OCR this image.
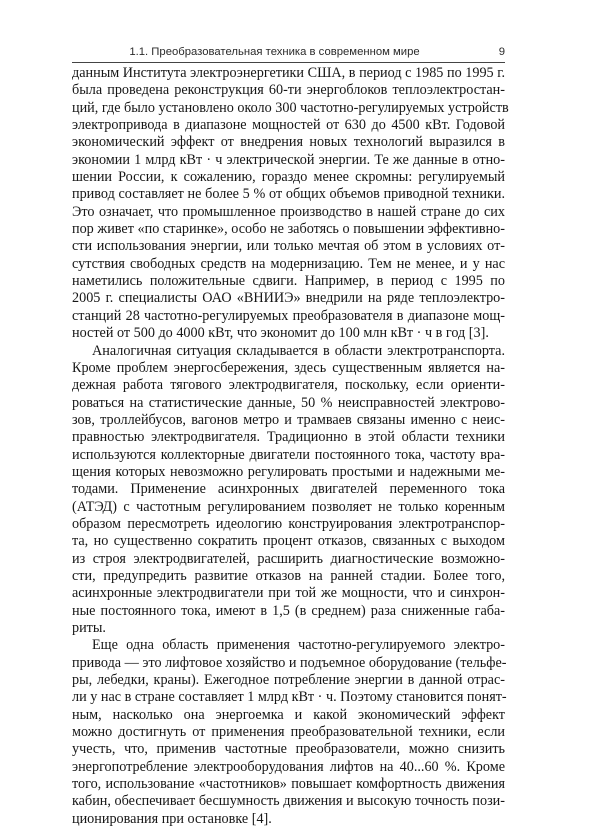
1.1. Преобразовательная техника в современном мире	9
данным Института электроэнергетики США, в период с 1985 по 1995 г.
была проведена реконструкция 60-ти энергоблоков теплоэлектростан-
ций, где было установлено около 300 частотно-регулируемых устройств
электропривода в диапазоне мощностей от 630 до 4500 кВт. Годовой
экономический эффект от внедрения новых технологий выразился в
экономии 1 млрд кВт · ч электрической энергии. Те же данные в отно-
шении России, к сожалению, гораздо менее скромны: регулируемый
привод составляет не более 5 % от общих объемов приводной техники.
Это означает, что промышленное производство в нашей стране до сих
пор живет «по старинке», особо не заботясь о повышении эффективно-
сти использования энергии, или только мечтая об этом в условиях от-
сутствия свободных средств на модернизацию. Тем не менее, и у нас
наметились положительные сдвиги. Например, в период с 1995 по
2005 г. специалисты ОАО «ВНИИЭ» внедрили на ряде теплоэлектро-
станций 28 частотно-регулируемых преобразователя в диапазоне мощ-
ностей от 500 до 4000 кВт, что экономит до 100 млн кВт · ч в год [3].
Аналогичная ситуация складывается в области электротранспорта.
Кроме проблем энергосбережения, здесь существенным является на-
дежная работа тягового электродвигателя, поскольку, если ориенти-
роваться на статистические данные, 50 % неисправностей электрово-
зов, троллейбусов, вагонов метро и трамваев связаны именно с неис-
правностью электродвигателя. Традиционно в этой области техники
используются коллекторные двигатели постоянного тока, частоту вра-
щения которых невозможно регулировать простыми и надежными ме-
тодами. Применение асинхронных двигателей переменного тока
(АТЭД) с частотным регулированием позволяет не только коренным
образом пересмотреть идеологию конструирования электротранспор-
та, но существенно сократить процент отказов, связанных с выходом
из строя электродвигателей, расширить диагностические возможно-
сти, предупредить развитие отказов на ранней стадии. Более того,
асинхронные электродвигатели при той же мощности, что и синхрон-
ные постоянного тока, имеют в 1,5 (в среднем) раза сниженные габа-
риты.
Еще одна область применения частотно-регулируемого электро-
привода — это лифтовое хозяйство и подъемное оборудование (тельфе-
ры, лебедки, краны). Ежегодное потребление энергии в данной отрас-
ли у нас в стране составляет 1 млрд кВт · ч. Поэтому становится понят-
ным, насколько она энергоемка и какой экономический эффект
можно достигнуть от применения преобразовательной техники, если
учесть, что, применив частотные преобразователи, можно снизить
энергопотребление электрооборудования лифтов на 40...60 %. Кроме
того, использование «частотников» повышает комфортность движения
кабин, обеспечивает бесшумность движения и высокую точность пози-
ционирования при остановке [4].
